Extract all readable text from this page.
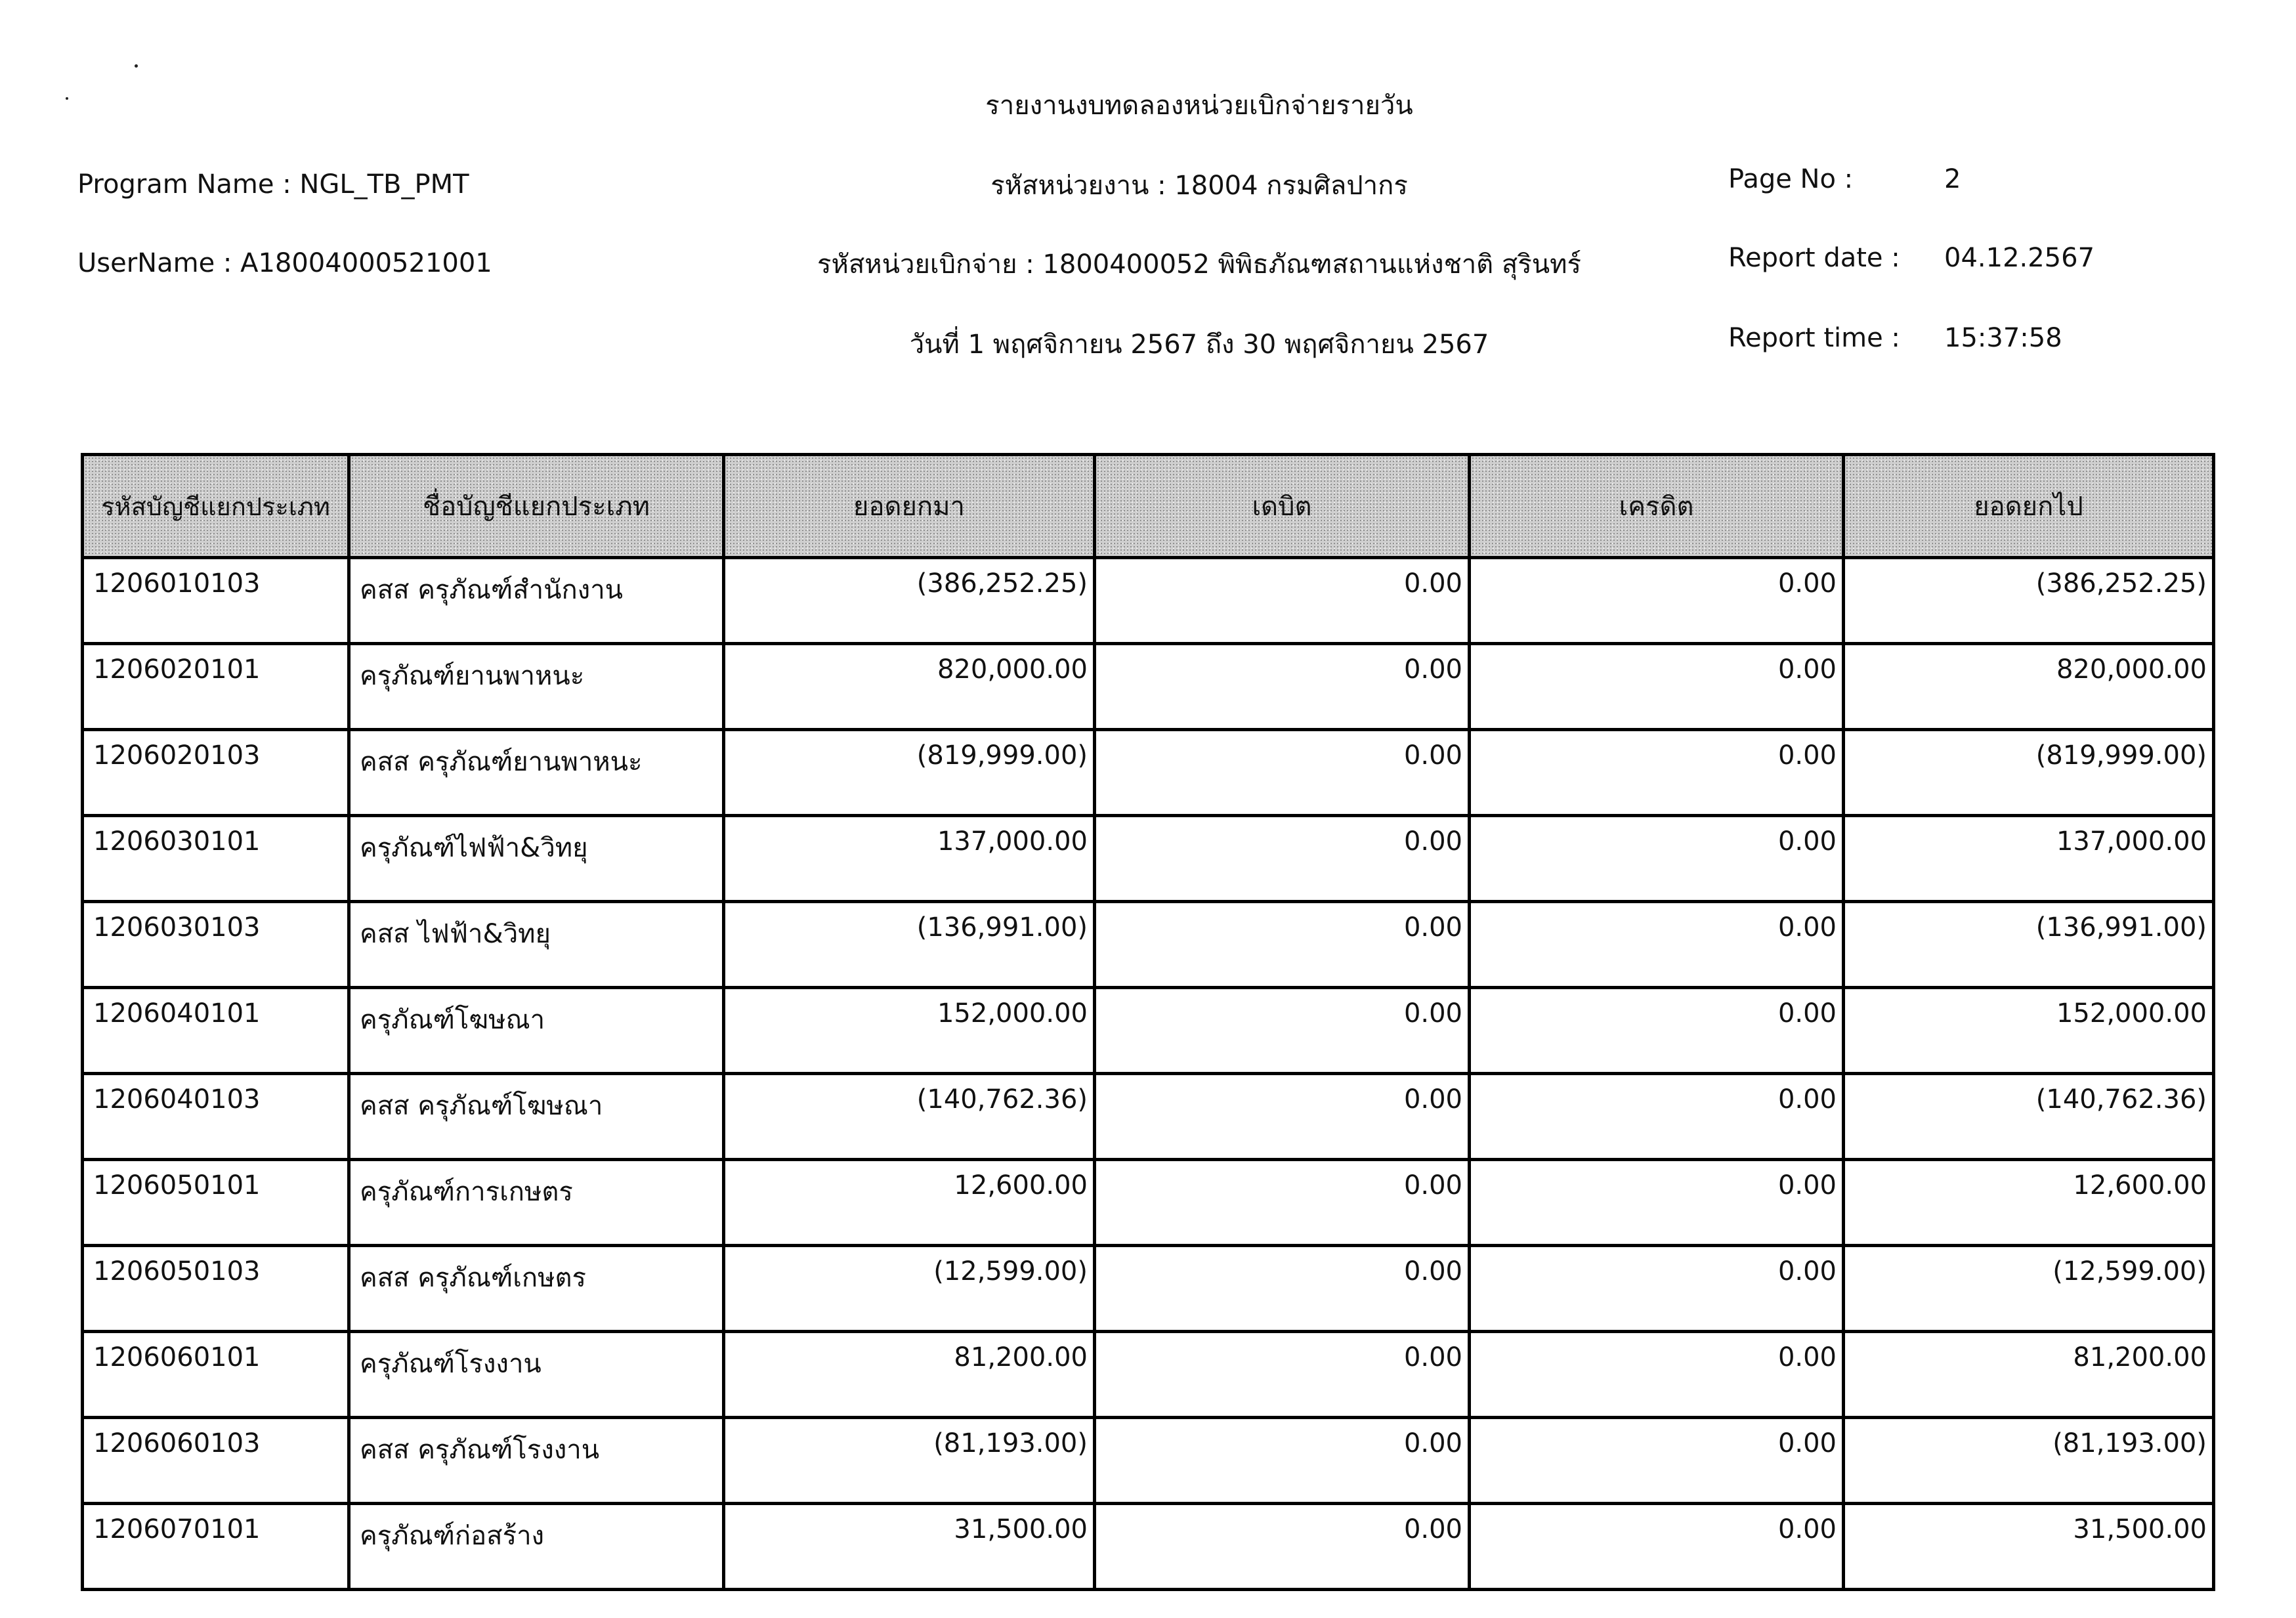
รายงานงบทดลองหน่วยเบิกจ่ายรายวัน
รหัสหน่วยงาน : 18004 กรมศิลปากร
รหัสหน่วยเบิกจ่าย : 1800400052 พิพิธภัณฑสถานแห่งชาติ สุรินทร์
วันที่ 1 พฤศจิกายน 2567 ถึง 30 พฤศจิกายน 2567
Program Name : NGL_TB_PMT
UserName : A18004000521001
Page No :	2
Report date : 04.12.2567
Report time : 15:37:58
รหัสบัญชีแยกประเภท	ชื่อบัญชีแยกประเภท	ยอดยกมา	เดบิต	เครดิต	ยอดยกไป
1206010103	คสส ครุภัณฑ์สำนักงาน	(386,252.25)	0.00	0.00	(386,252.25)
1206020101	ครุภัณฑ์ยานพาหนะ	820,000.00	0.00	0.00	820,000.00
1206020103	คสส ครุภัณฑ์ยานพาหนะ	(819,999.00)	0.00	0.00	(819,999.00)
1206030101	ครุภัณฑ์ไฟฟ้า&วิทยุ	137,000.00	0.00	0.00	137,000.00
1206030103	คสส ไฟฟ้า&วิทยุ	(136,991.00)	0.00	0.00	(136,991.00)
1206040101	ครุภัณฑ์โฆษณา	152,000.00	0.00	0.00	152,000.00
1206040103	คสส ครุภัณฑ์โฆษณา	(140,762.36)	0.00	0.00	(140,762.36)
1206050101	ครุภัณฑ์การเกษตร	12,600.00	0.00	0.00	12,600.00
1206050103	คสส ครุภัณฑ์เกษตร	(12,599.00)	0.00	0.00	(12,599.00)
1206060101	ครุภัณฑ์โรงงาน	81,200.00	0.00	0.00	81,200.00
1206060103	คสส ครุภัณฑ์โรงงาน	(81,193.00)	0.00	0.00	(81,193.00)
1206070101	ครุภัณฑ์ก่อสร้าง	31,500.00	0.00	0.00	31,500.00
